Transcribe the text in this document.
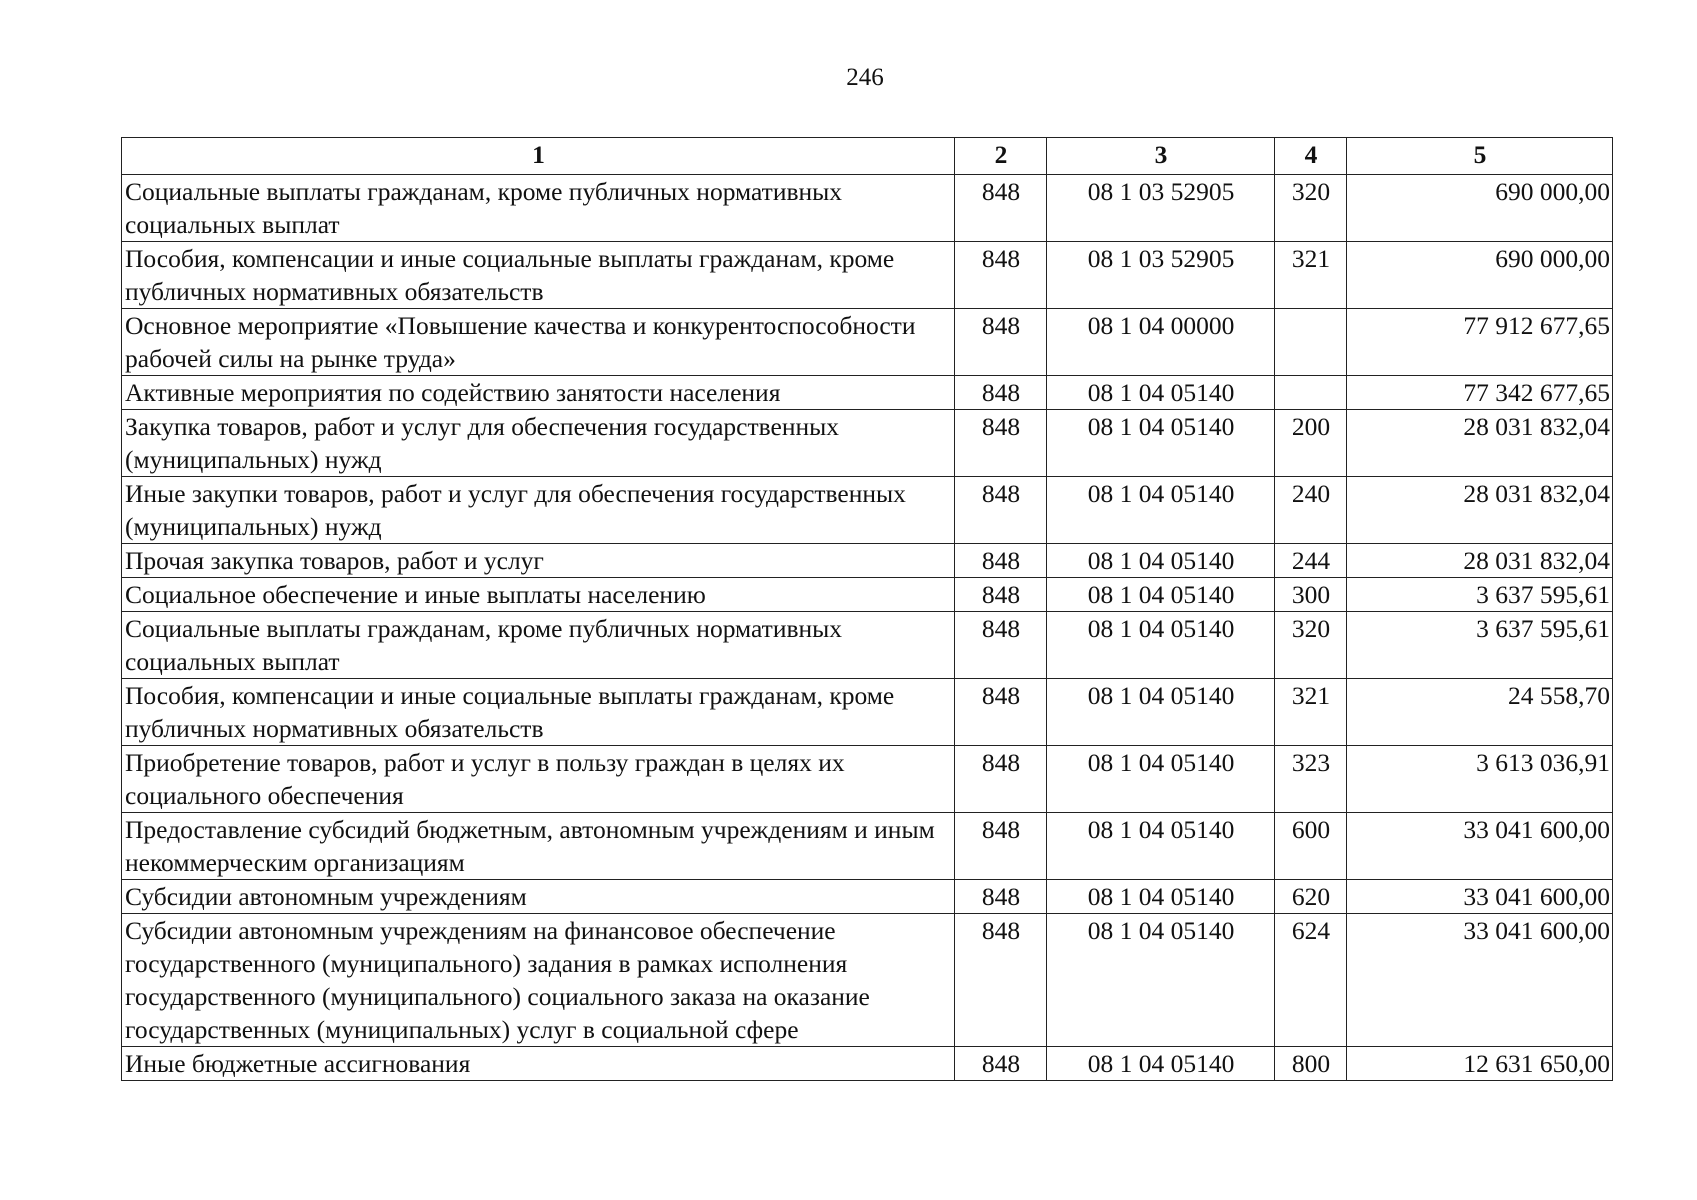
246
1	2	3	4	5
Социальные выплаты гражданам, кроме публичных нормативных социальных выплат	848	08 1 03 52905	320	690 000,00
Пособия, компенсации и иные социальные выплаты гражданам, кроме публичных нормативных обязательств	848	08 1 03 52905	321	690 000,00
Основное мероприятие «Повышение качества и конкурентоспособности рабочей силы на рынке труда»	848	08 1 04 00000		77 912 677,65
Активные мероприятия по содействию занятости населения	848	08 1 04 05140		77 342 677,65
Закупка товаров, работ и услуг для обеспечения государственных (муниципальных) нужд	848	08 1 04 05140	200	28 031 832,04
Иные закупки товаров, работ и услуг для обеспечения государственных (муниципальных) нужд	848	08 1 04 05140	240	28 031 832,04
Прочая закупка товаров, работ и услуг	848	08 1 04 05140	244	28 031 832,04
Социальное обеспечение и иные выплаты населению	848	08 1 04 05140	300	3 637 595,61
Социальные выплаты гражданам, кроме публичных нормативных социальных выплат	848	08 1 04 05140	320	3 637 595,61
Пособия, компенсации и иные социальные выплаты гражданам, кроме публичных нормативных обязательств	848	08 1 04 05140	321	24 558,70
Приобретение товаров, работ и услуг в пользу граждан в целях их социального обеспечения	848	08 1 04 05140	323	3 613 036,91
Предоставление субсидий бюджетным, автономным учреждениям и иным некоммерческим организациям	848	08 1 04 05140	600	33 041 600,00
Субсидии автономным учреждениям	848	08 1 04 05140	620	33 041 600,00
Субсидии автономным учреждениям на финансовое обеспечение государственного (муниципального) задания в рамках исполнения государственного (муниципального) социального заказа на оказание государственных (муниципальных) услуг в социальной сфере	848	08 1 04 05140	624	33 041 600,00
Иные бюджетные ассигнования	848	08 1 04 05140	800	12 631 650,00
